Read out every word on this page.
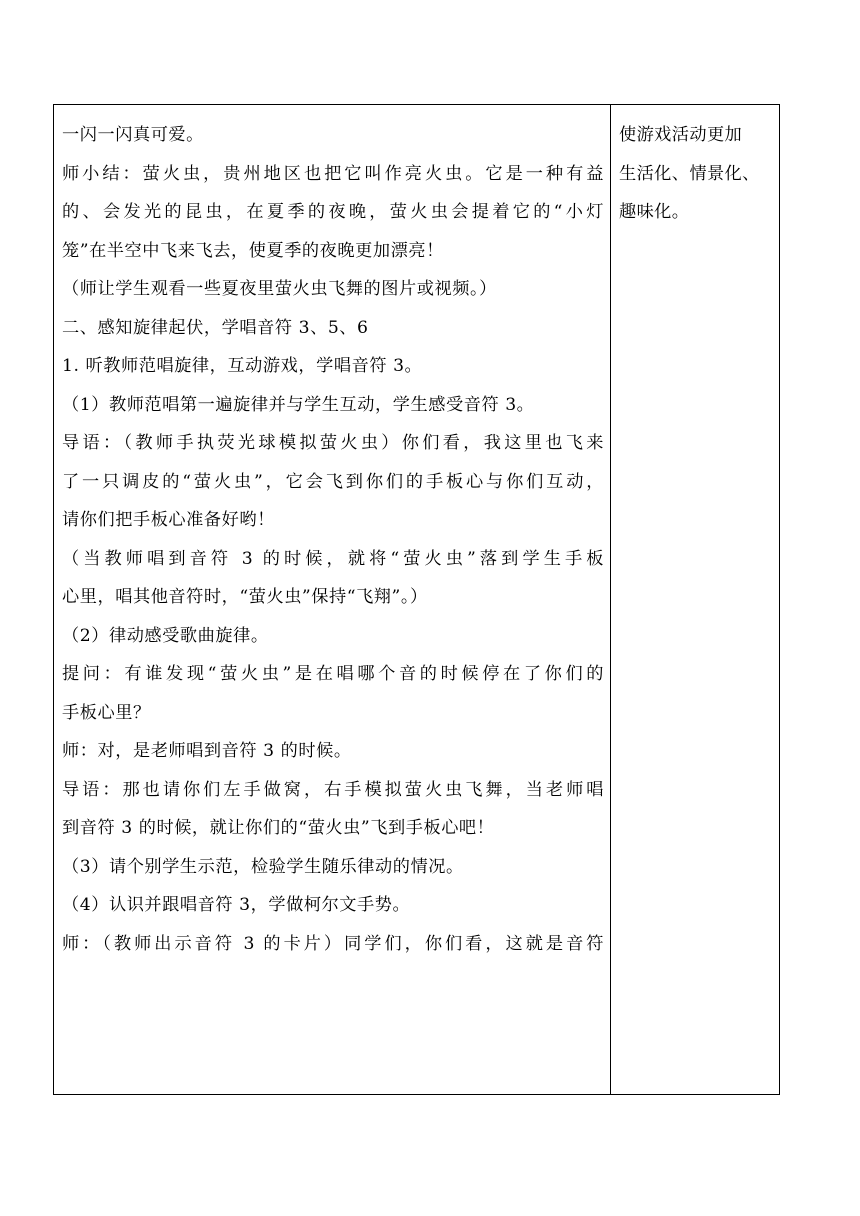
一闪一闪真可爱。
师小结：萤火虫，贵州地区也把它叫作亮火虫。它是一种有益
的、会发光的昆虫，在夏季的夜晚，萤火虫会提着它的“小灯
笼”在半空中飞来飞去，使夏季的夜晚更加漂亮！
（师让学生观看一些夏夜里萤火虫飞舞的图片或视频。）
二、感知旋律起伏，学唱音符 3、5、6
1. 听教师范唱旋律，互动游戏，学唱音符 3。
（1）教师范唱第一遍旋律并与学生互动，学生感受音符 3。
导语：（教师手执荧光球模拟萤火虫）你们看，我这里也飞来
了一只调皮的“萤火虫”，它会飞到你们的手板心与你们互动，
请你们把手板心准备好哟！
（当教师唱到音符 3 的时候，就将“萤火虫”落到学生手板
心里，唱其他音符时，“萤火虫”保持“飞翔”。）
（2）律动感受歌曲旋律。
提问：有谁发现“萤火虫”是在唱哪个音的时候停在了你们的
手板心里？
师：对，是老师唱到音符 3 的时候。
导语：那也请你们左手做窝，右手模拟萤火虫飞舞，当老师唱
到音符 3 的时候，就让你们的“萤火虫”飞到手板心吧！
（3）请个别学生示范，检验学生随乐律动的情况。
（4）认识并跟唱音符 3，学做柯尔文手势。
师：（教师出示音符 3 的卡片）同学们，你们看，这就是音符
使游戏活动更加
生活化、情景化、
趣味化。
